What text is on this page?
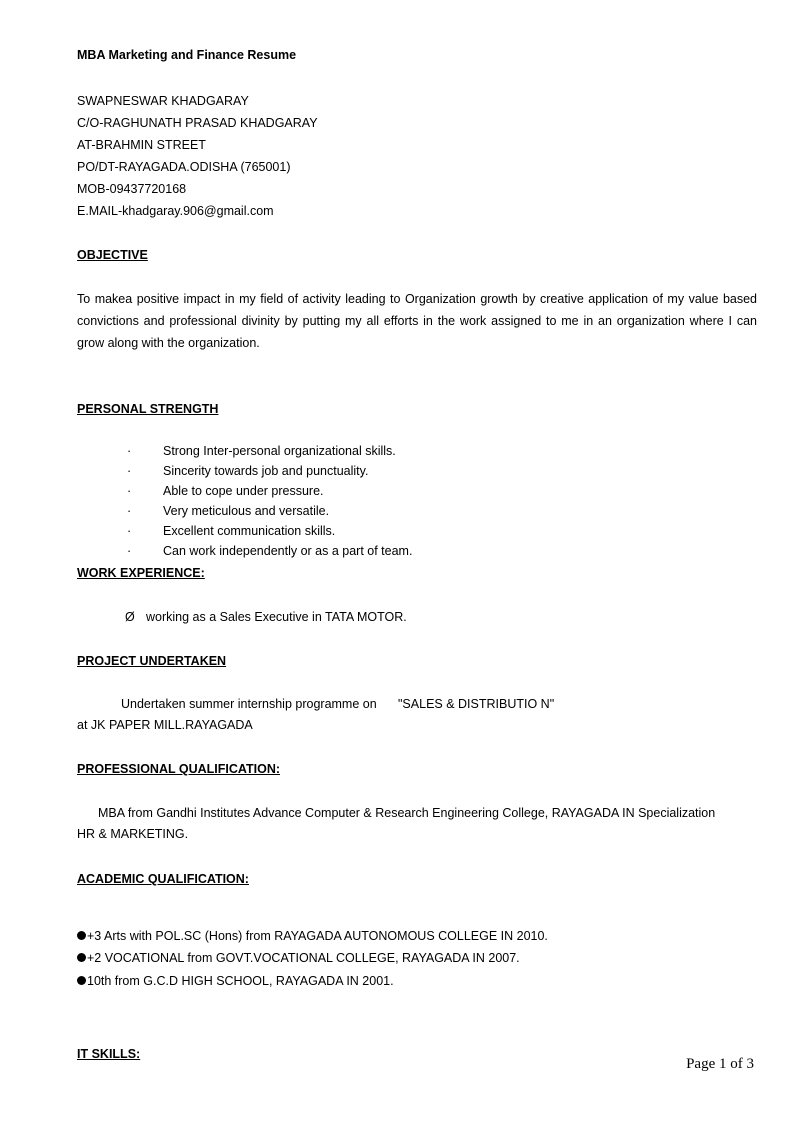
MBA Marketing and Finance Resume
SWAPNESWAR KHADGARAY
C/O-RAGHUNATH PRASAD KHADGARAY
AT-BRAHMIN STREET
PO/DT-RAYAGADA.ODISHA (765001)
MOB-09437720168
E.MAIL-khadgaray.906@gmail.com
OBJECTIVE
To makea positive impact in my field of activity leading to Organization growth by creative application of my value based convictions and professional divinity by putting my all efforts in the work assigned to me in an organization where I can grow along with the organization.
PERSONAL STRENGTH
·	Strong Inter-personal organizational skills.
·	Sincerity towards job and punctuality.
·	Able to cope under pressure.
·	Very meticulous and versatile.
·	Excellent communication skills.
·	Can work independently or as a part of team.
WORK EXPERIENCE:
Ø working as a Sales Executive in TATA MOTOR.
PROJECT UNDERTAKEN
Undertaken summer internship programme on "SALES & DISTRIBUTIO N"
at JK PAPER MILL.RAYAGADA
PROFESSIONAL QUALIFICATION:
MBA from Gandhi Institutes Advance Computer & Research Engineering College, RAYAGADA IN Specialization
HR & MARKETING.
ACADEMIC QUALIFICATION:
+3 Arts with POL.SC (Hons) from RAYAGADA AUTONOMOUS COLLEGE IN 2010.
+2 VOCATIONAL from GOVT.VOCATIONAL COLLEGE, RAYAGADA IN 2007.
10th from G.C.D HIGH SCHOOL, RAYAGADA IN 2001.
IT SKILLS:
Page 1 of 3
